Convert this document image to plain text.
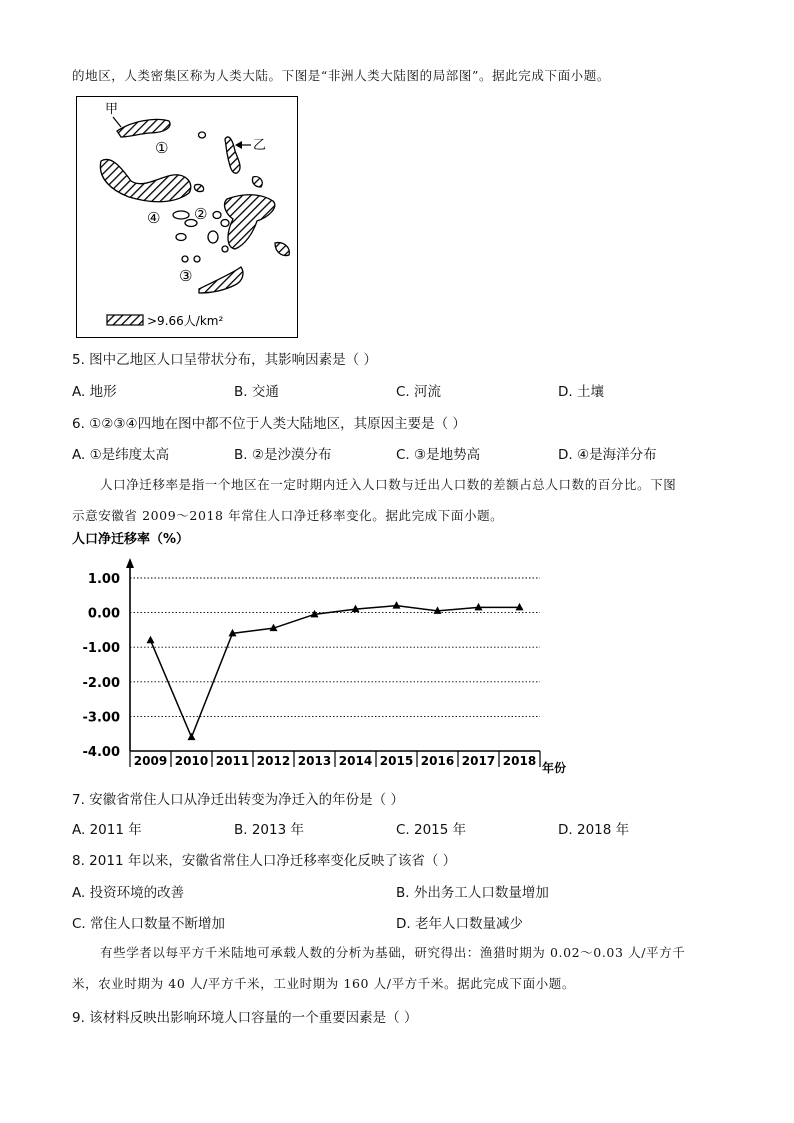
的地区，人类密集区称为人类大陆。下图是“非洲人类大陆图的局部图”。据此完成下面小题。
甲
乙
①
②
③
④
>9.66人/km²
5. 图中乙地区人口呈带状分布，其影响因素是（ ）
A. 地形	B. 交通	C. 河流	D. 土壤
6. ①②③④四地在图中都不位于人类大陆地区，其原因主要是（ ）
A. ①是纬度太高	B. ②是沙漠分布	C. ③是地势高	D. ④是海洋分布
人口净迁移率是指一个地区在一定时期内迁入人口数与迁出人口数的差额占总人口数的百分比。下图
示意安徽省 2009～2018 年常住人口净迁移率变化。据此完成下面小题。
人口净迁移率（%）
1.00
0.00
-1.00
-2.00
-3.00
-4.00
2009 2010 2011 2012 2013 2014 2015 2016 2017 2018 年份
7. 安徽省常住人口从净迁出转变为净迁入的年份是（ ）
A. 2011 年	B. 2013 年	C. 2015 年	D. 2018 年
8. 2011 年以来，安徽省常住人口净迁移率变化反映了该省（ ）
A. 投资环境的改善	B. 外出务工人口数量增加
C. 常住人口数量不断增加	D. 老年人口数量减少
有些学者以每平方千米陆地可承载人数的分析为基础，研究得出：渔猎时期为 0.02～0.03 人/平方千
米，农业时期为 40 人/平方千米，工业时期为 160 人/平方千米。据此完成下面小题。
9. 该材料反映出影响环境人口容量的一个重要因素是（ ）
